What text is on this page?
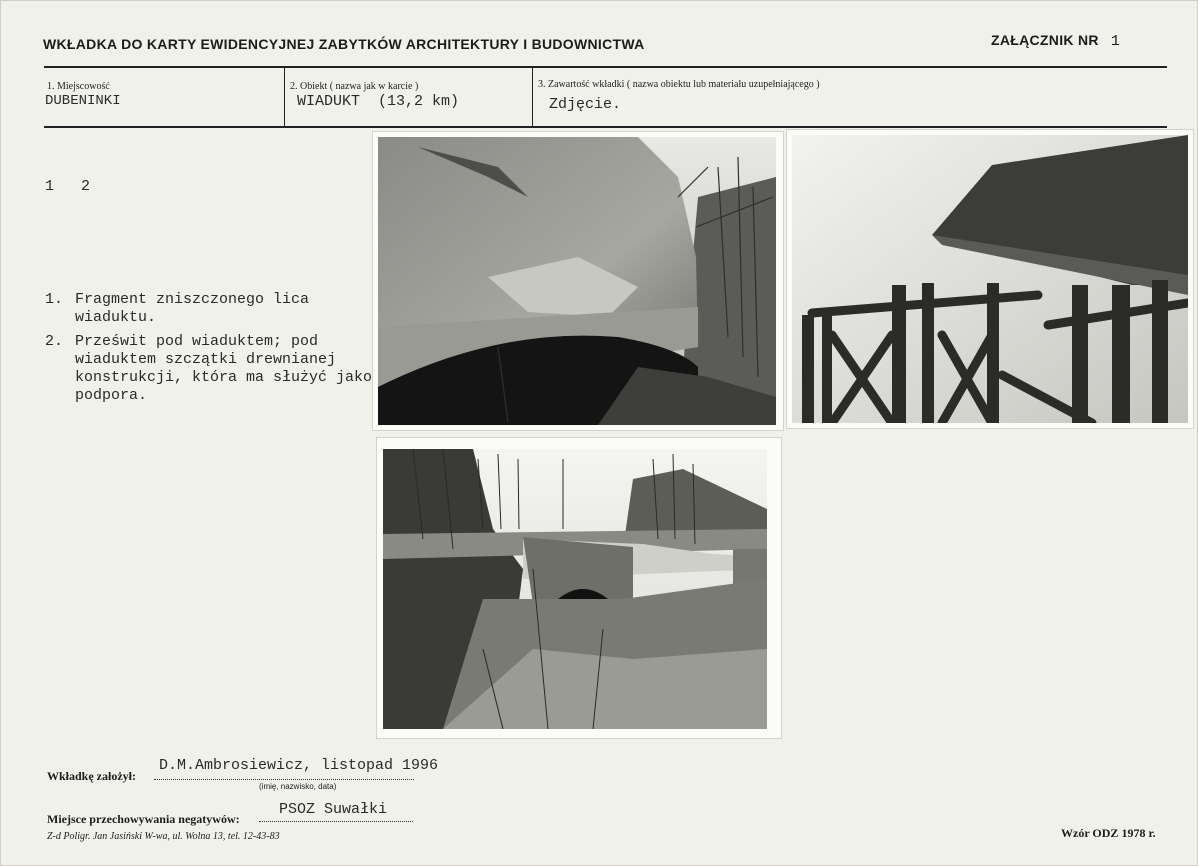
WKŁADKA DO KARTY EWIDENCYJNEJ ZABYTKÓW ARCHITEKTURY I BUDOWNICTWA	ZAŁĄCZNIK NR 1
1. Miejscowość
DUBENINKI
2. Obiekt ( nazwa jak w karcie )
WIADUKT  (13,2 km)
3. Zawartość wkładki ( nazwa obiektu lub materiału uzupełniającego )
Zdjęcie.
1   2
1. Fragment zniszczonego lica wiaduktu.
2. Prześwit pod wiaduktem; pod wiaduktem szczątki drewnianej konstrukcji, która ma służyć jako podpora.
Wkładkę założył:
D.M.Ambrosiewicz, listopad 1996
(imię, nazwisko, data)
Miejsce przechowywania negatywów:
PSOZ Suwałki
Z-d Poligr. Jan Jasiński W-wa, ul. Wolna 13, tel. 12-43-83	Wzór ODZ 1978 r.
